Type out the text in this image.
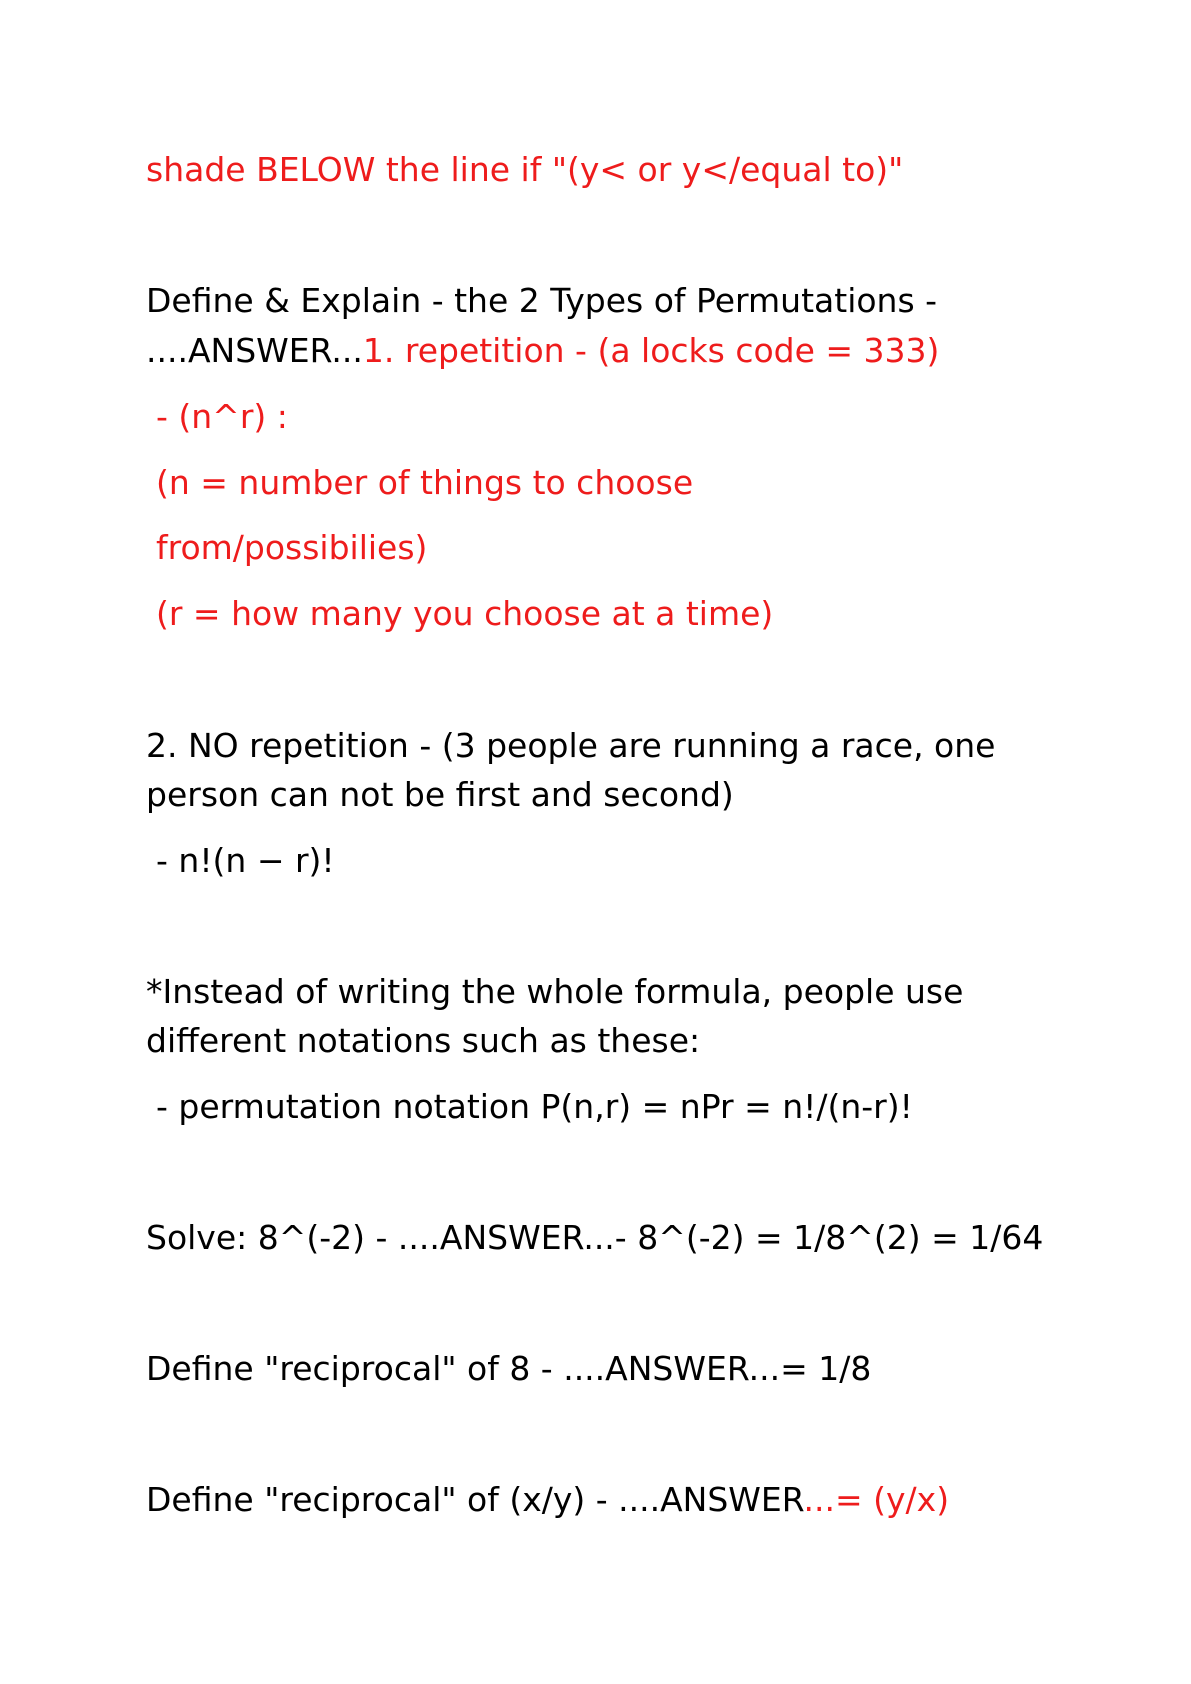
shade BELOW the line if "(y< or y</equal to)"
Define & Explain - the 2 Types of Permutations -
....ANSWER...1. repetition - (a locks code = 333)
- (n^r) :
(n = number of things to choose
from/possibilies)
(r = how many you choose at a time)
2. NO repetition - (3 people are running a race, one
person can not be first and second)
- n!(n − r)!
*Instead of writing the whole formula, people use
different notations such as these:
- permutation notation P(n,r) = nPr = n!/(n-r)!
Solve: 8^(-2) - ....ANSWER...- 8^(-2) = 1/8^(2) = 1/64
Define "reciprocal" of 8 - ....ANSWER...= 1/8
Define "reciprocal" of (x/y) - ....ANSWER...= (y/x)
